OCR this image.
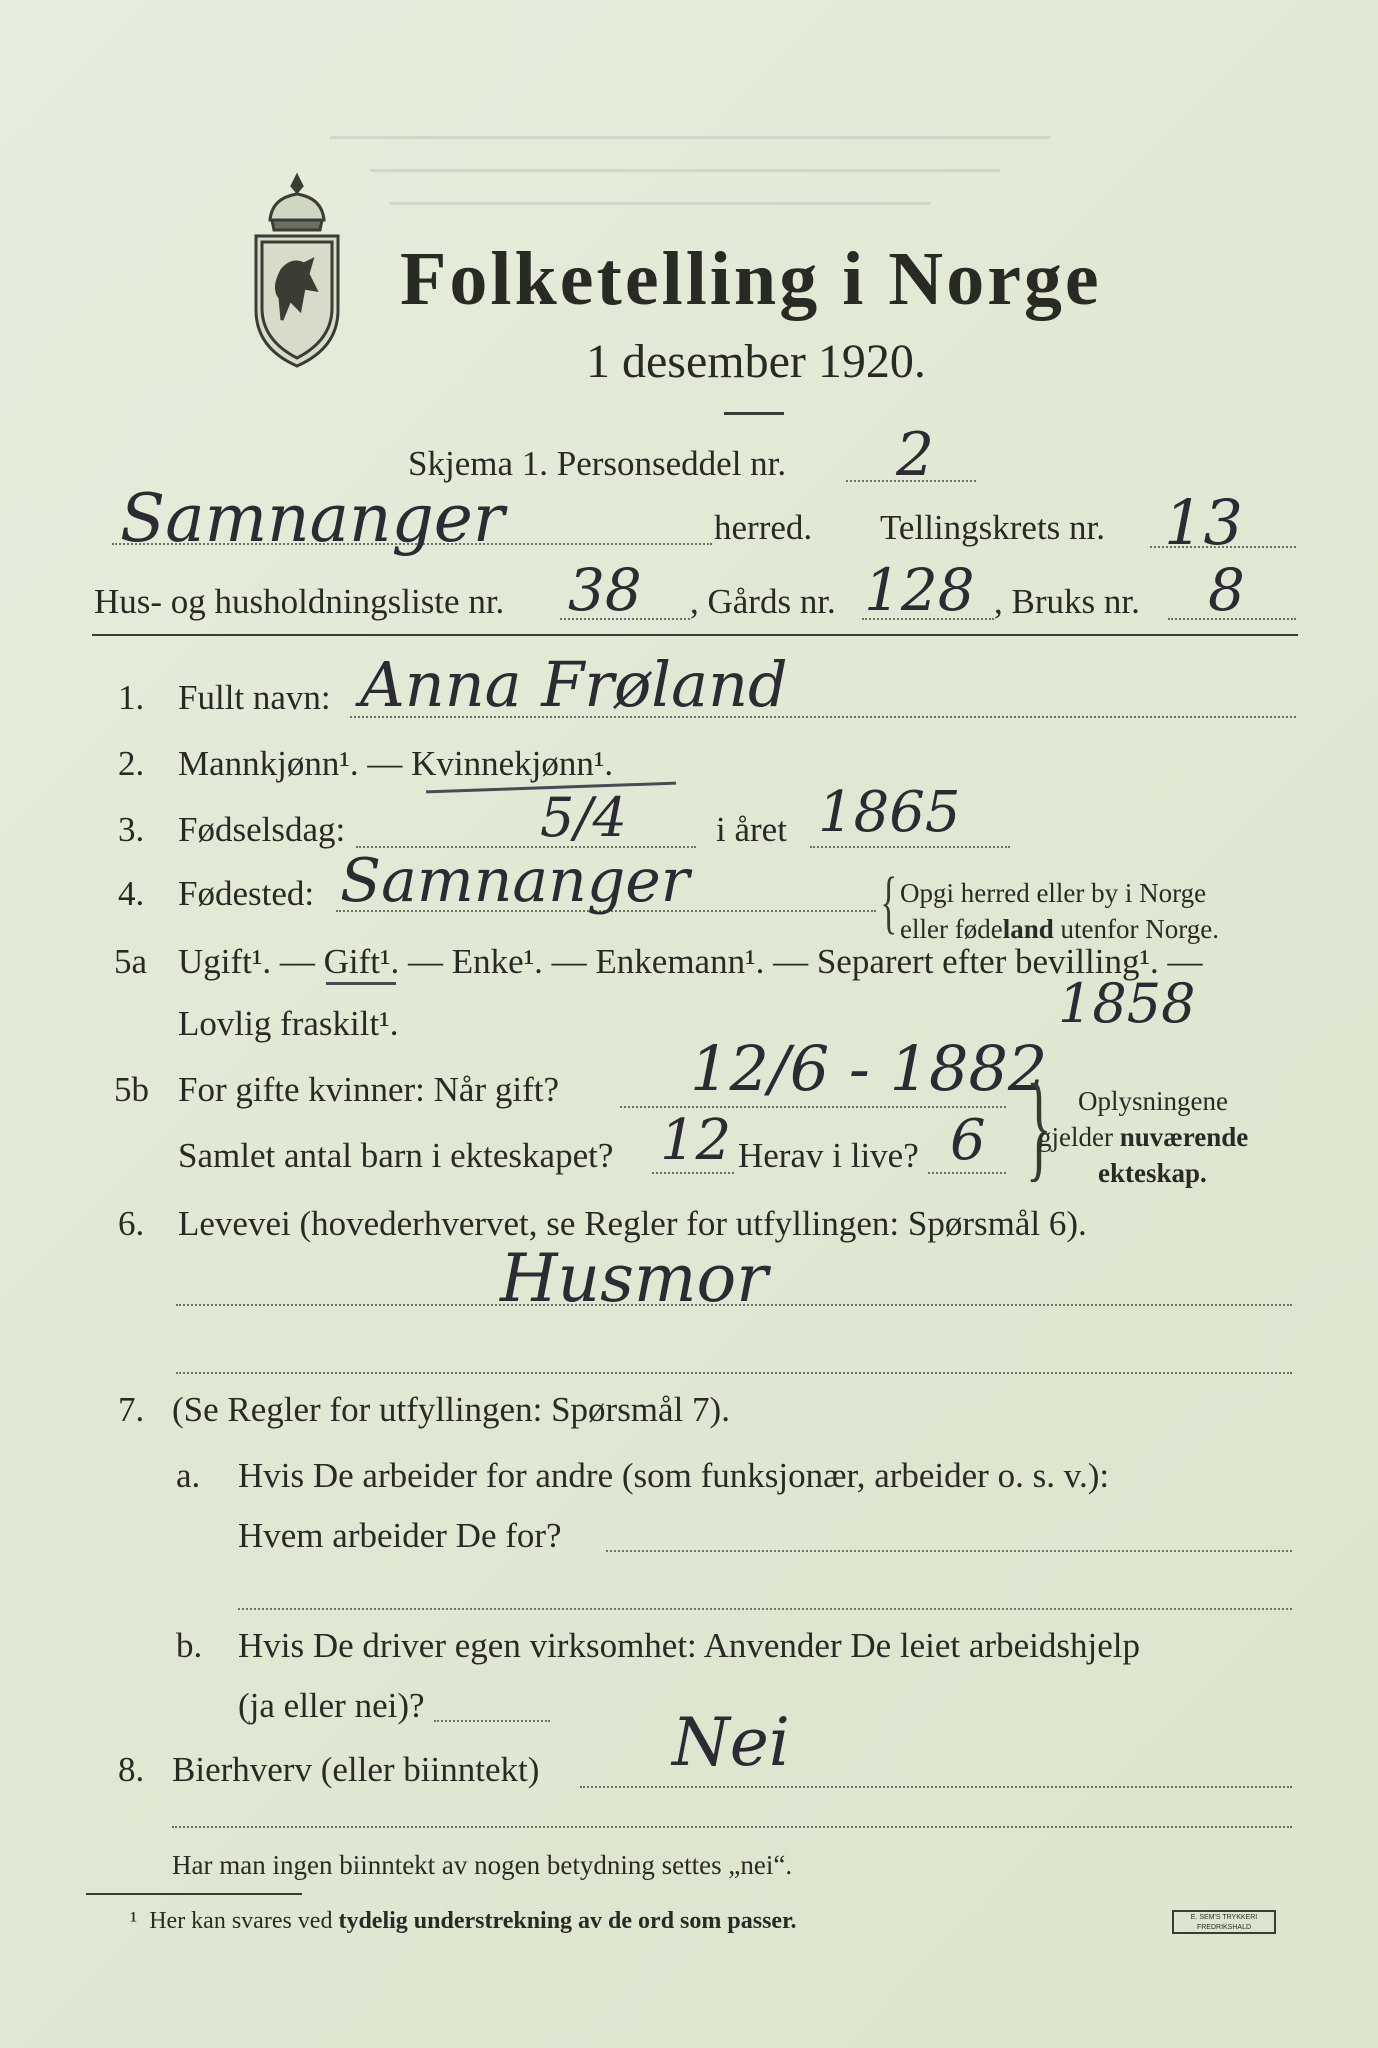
Folketelling i Norge
1 desember 1920.
Skjema 1. Personseddel nr. 2
Samnanger	herred. Tellingskrets nr. 13
Hus- og husholdningsliste nr. 38 , Gårds nr. 128 , Bruks nr. 8
1. Fullt navn: Anna Frøland
2. Mannkjønn¹. — Kvinnekjønn¹.
3. Fødselsdag:	5/4	i året 1865
4. Fødested: Samnanger	{ Opgi herred eller by i Norge
eller fødeland utenfor Norge.
5a Ugift¹. — Gift¹. — Enke¹. — Enkemann¹. — Separert efter bevilling¹. —
Lovlig fraskilt¹.	1858
5b For gifte kvinner: Når gift? 12/6 - 1882
Samlet antal barn i ekteskapet? 12 Herav i live? 6 } Oplysningene
gjelder nuværende
ekteskap.
6. Levevei (hovederhvervet, se Regler for utfyllingen: Spørsmål 6).
Husmor
7. (Se Regler for utfyllingen: Spørsmål 7).
a. Hvis De arbeider for andre (som funksjonær, arbeider o. s. v.):
Hvem arbeider De for?
b. Hvis De driver egen virksomhet: Anvender De leiet arbeidshjelp
(ja eller nei)?
8. Bierhverv (eller biinntekt) Nei
Har man ingen biinntekt av nogen betydning settes „nei“.
¹ Her kan svares ved tydelig understrekning av de ord som passer.	E. SEM'S TRYKKERI FREDRIKSHALD
